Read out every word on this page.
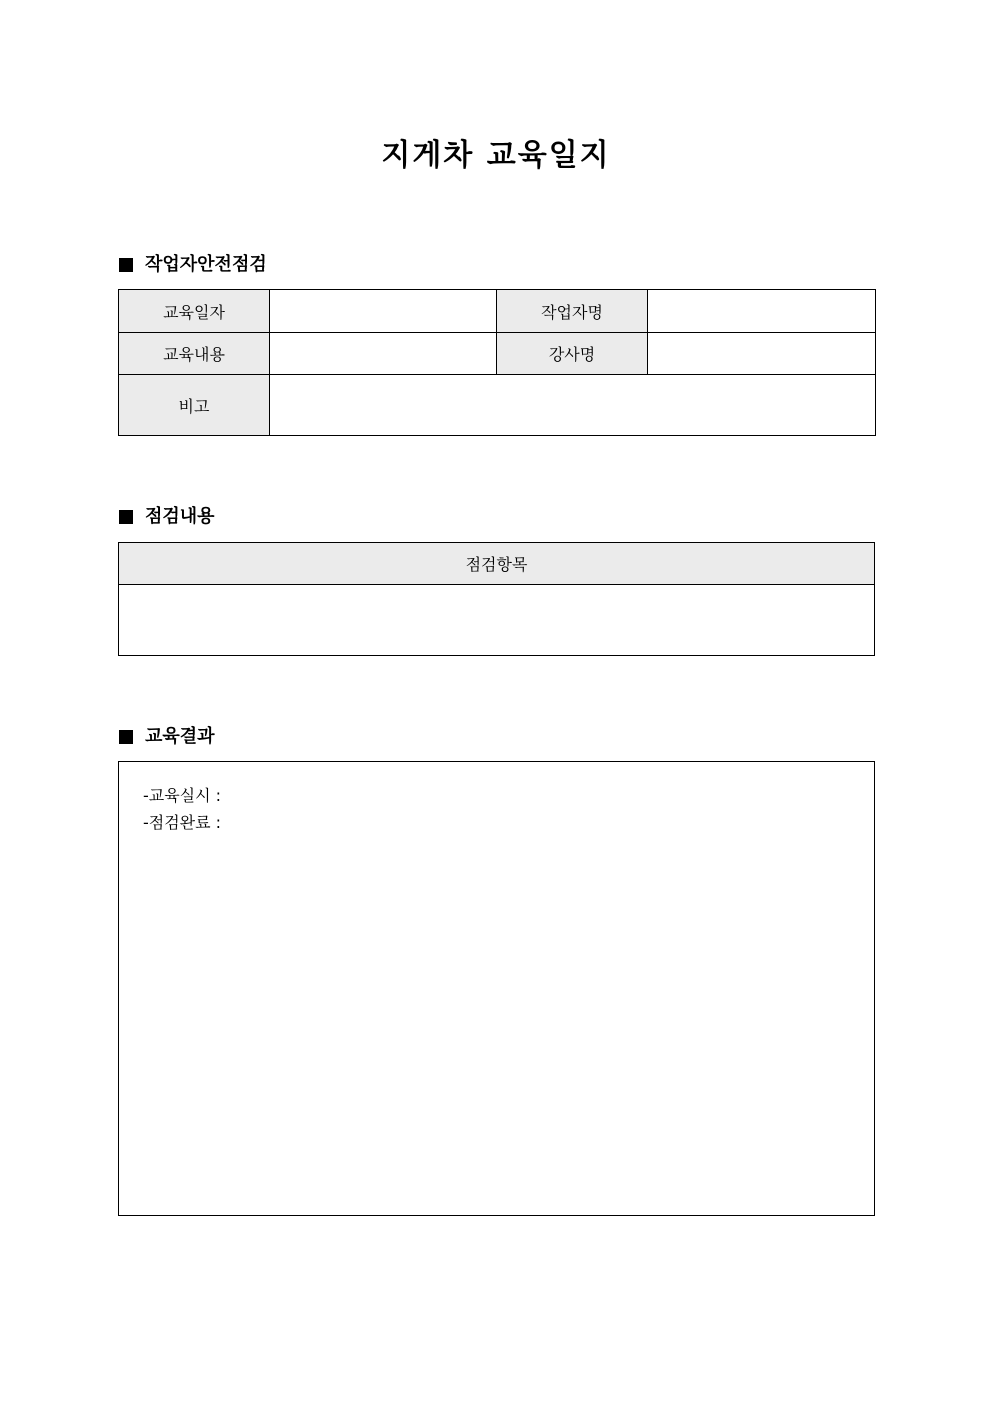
지게차 교육일지
작업자안전점검
교육일자		작업자명	
교육내용		강사명	
비고			
점검내용
점검항목

교육결과
-교육실시 :
-점검완료 :
